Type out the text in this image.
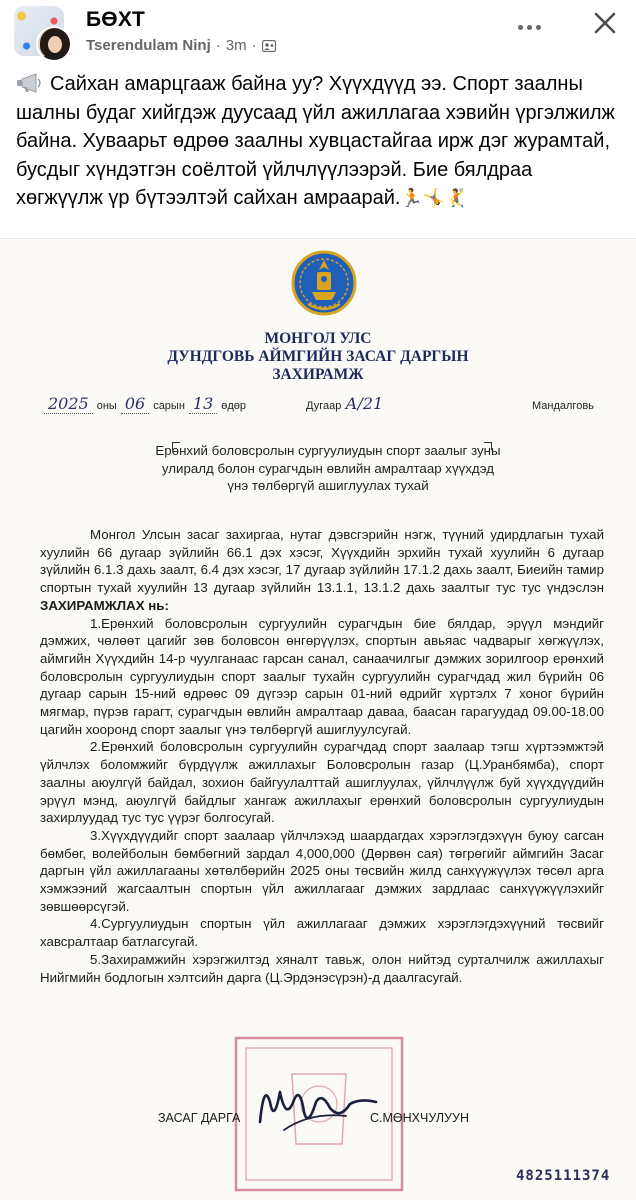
БӨХТ
Tserendulam Ninj · 3m ·
Сайхан амарцгааж байна уу? Хүүхдүүд ээ. Спорт заалны шалны будаг хийгдэж дуусаад үйл ажиллагаа хэвийн үргэлжилж байна. Хуваарьт өдрөө заалны хувцастайгаа ирж дэг журамтай, бусдыг хүндэтгэн соёлтой үйлчлүүлээрэй. Бие бялдраа хөгжүүлж үр бүтээлтэй сайхан амраарай.🏃🤸🤾
МОНГОЛ УЛС
ДУНДГОВЬ АЙМГИЙН ЗАСАГ ДАРГЫН
ЗАХИРАМЖ
2025 оны 06 сарын 13 өдөр	Дугаар А/21	Мандалговь
Ерөнхий боловсролын сургуулиудын спорт заалыг зуны улиралд болон сурагчдын өвлийн амралтаар хүүхдэд үнэ төлбөргүй ашиглуулах тухай

Монгол Улсын засаг захиргаа, нутаг дэвсгэрийн нэгж, түүний удирдлагын тухай хуулийн 66 дугаар зүйлийн 66.1 дэх хэсэг, Хүүхдийн эрхийн тухай хуулийн 6 дугаар зүйлийн 6.1.3 дахь заалт, 6.4 дэх хэсэг, 17 дугаар зүйлийн 17.1.2 дахь заалт, Биеийн тамир спортын тухай хуулийн 13 дугаар зүйлийн 13.1.1, 13.1.2 дахь заалтыг тус тус үндэслэн ЗАХИРАМЖЛАХ нь:

1.Ерөнхий боловсролын сургуулийн сурагчдын бие бялдар, эрүүл мэндийг дэмжих, чөлөөт цагийг зөв боловсон өнгөрүүлэх, спортын авьяас чадварыг хөгжүүлэх, аймгийн Хүүхдийн 14-р чуулганаас гарсан санал, санаачилгыг дэмжих зорилгоор ерөнхий боловсролын сургуулиудын спорт заалыг тухайн сургуулийн сурагчдад жил бүрийн 06 дугаар сарын 15-ний өдрөөс 09 дүгээр сарын 01-ний өдрийг хүртэлх 7 хоног бүрийн мягмар, пүрэв гарагт, сурагчдын өвлийн амралтаар даваа, баасан гарагуудад 09.00-18.00 цагийн хооронд спорт заалыг үнэ төлбөргүй ашиглуулсугай.

2.Ерөнхий боловсролын сургуулийн сурагчдад спорт заалаар тэгш хүртээмжтэй үйлчлэх боломжийг бүрдүүлж ажиллахыг Боловсролын газар (Ц.Уранбямба), спорт заалны аюулгүй байдал, зохион байгуулалттай ашиглуулах, үйлчлүүлж буй хүүхдүүдийн эрүүл мэнд, аюулгүй байдлыг хангаж ажиллахыг ерөнхий боловсролын сургуулиудын захирлуудад тус тус үүрэг болгосугай.

3.Хүүхдүүдийг спорт заалаар үйлчлэхэд шаардагдах хэрэглэгдэхүүн буюу сагсан бөмбөг, волейболын бөмбөгний зардал 4,000,000 (Дөрвөн сая) төгрөгийг аймгийн Засаг даргын үйл ажиллагааны хөтөлбөрийн 2025 оны төсвийн жилд санхүүжүүлэх төсөл арга хэмжээний жагсаалтын спортын үйл ажиллагааг дэмжих зардлаас санхүүжүүлэхийг зөвшөөрсүгэй.

4.Сургуулиудын спортын үйл ажиллагааг дэмжих хэрэглэгдэхүүний төсвийг хавсралтаар батлагсугай.

5.Захирамжийн хэрэгжилтэд хяналт тавьж, олон нийтэд сурталчилж ажиллахыг Нийгмийн бодлогын хэлтсийн дарга (Ц.Эрдэнэсүрэн)-д даалгасугай.

ЗАСАГ ДАРГА	С.МӨНХЧУЛУУН
4825111374
